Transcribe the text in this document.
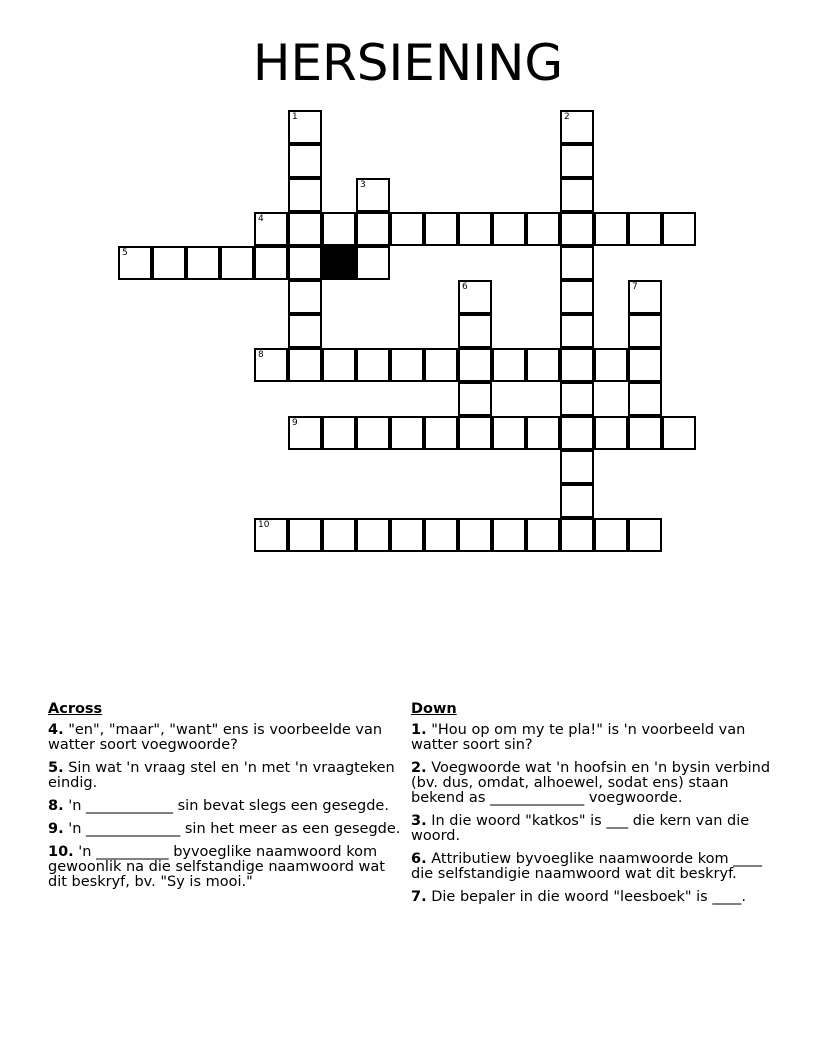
HERSIENING
1	2
3
4
5
6	7
8
9
10
Across
4. "en", "maar", "want" ens is voorbeelde van watter soort voegwoorde?
5. Sin wat 'n vraag stel en 'n met 'n vraagteken eindig.
8. 'n ____________ sin bevat slegs een gesegde.
9. 'n _____________ sin het meer as een gesegde.
10. 'n __________ byvoeglike naamwoord kom gewoonlik na die selfstandige naamwoord wat dit beskryf, bv. "Sy is mooi."
Down
1. "Hou op om my te pla!" is 'n voorbeeld van watter soort sin?
2. Voegwoorde wat 'n hoofsin en 'n bysin verbind (bv. dus, omdat, alhoewel, sodat ens) staan bekend as _____________ voegwoorde.
3. In die woord "katkos" is ___ die kern van die woord.
6. Attributiew byvoeglike naamwoorde kom ____ die selfstandigie naamwoord wat dit beskryf.
7. Die bepaler in die woord "leesboek" is ____.
